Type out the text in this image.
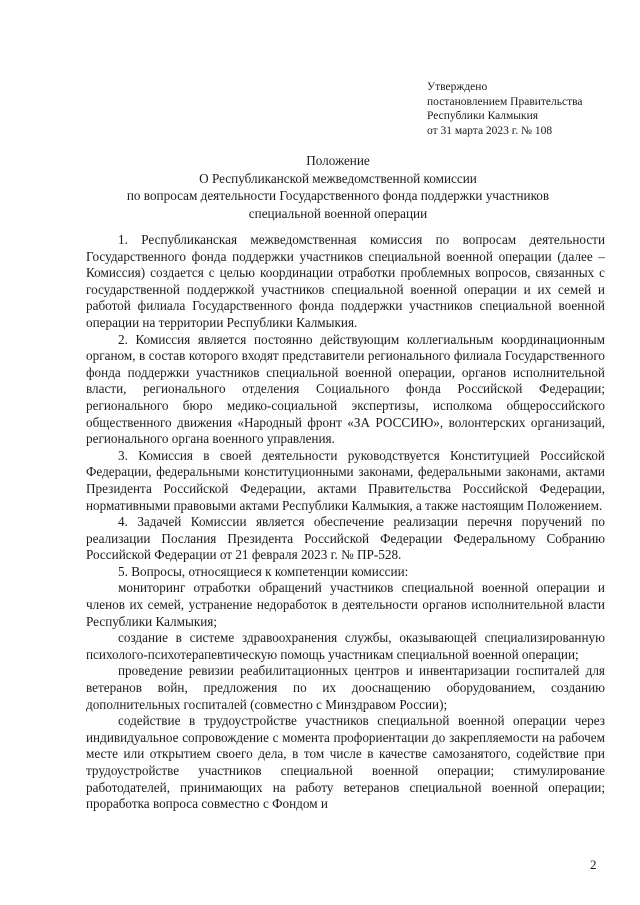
Утверждено
постановлением Правительства
Республики Калмыкия
от 31 марта 2023 г. № 108
Положение
О Республиканской межведомственной комиссии
по вопросам деятельности Государственного фонда поддержки участников
специальной военной операции

1. Республиканская межведомственная комиссия по вопросам деятельности Государственного фонда поддержки участников специальной военной операции (далее – Комиссия) создается с целью координации отработки проблемных вопросов, связанных с государственной поддержкой участников специальной военной операции и их семей и работой филиала Государственного фонда поддержки участников специальной военной операции на территории Республики Калмыкия.

2. Комиссия является постоянно действующим коллегиальным координационным органом, в состав которого входят представители регионального филиала Государственного фонда поддержки участников специальной военной операции, органов исполнительной власти, регионального отделения Социального фонда Российской Федерации; регионального бюро медико-социальной экспертизы, исполкома общероссийского общественного движения «Народный фронт «ЗА РОССИЮ», волонтерских организаций, регионального органа военного управления.

3. Комиссия в своей деятельности руководствуется Конституцией Российской Федерации, федеральными конституционными законами, федеральными законами, актами Президента Российской Федерации, актами Правительства Российской Федерации, нормативными правовыми актами Республики Калмыкия, а также настоящим Положением.

4. Задачей Комиссии является обеспечение реализации перечня поручений по реализации Послания Президента Российской Федерации Федеральному Собранию Российской Федерации от 21 февраля 2023 г. № ПР-528.

5. Вопросы, относящиеся к компетенции комиссии:

мониторинг отработки обращений участников специальной военной операции и членов их семей, устранение недоработок в деятельности органов исполнительной власти Республики Калмыкия;

создание в системе здравоохранения службы, оказывающей специализированную психолого-психотерапевтическую помощь участникам специальной военной операции;

проведение ревизии реабилитационных центров и инвентаризации госпиталей для ветеранов войн, предложения по их дооснащению оборудованием, созданию дополнительных госпиталей (совместно с Минздравом России);

содействие в трудоустройстве участников специальной военной операции через индивидуальное сопровождение с момента профориентации до закрепляемости на рабочем месте или открытием своего дела, в том числе в качестве самозанятого, содействие при трудоустройстве участников специальной военной операции; стимулирование работодателей, принимающих на работу ветеранов специальной военной операции; проработка вопроса совместно с Фондом и

2
